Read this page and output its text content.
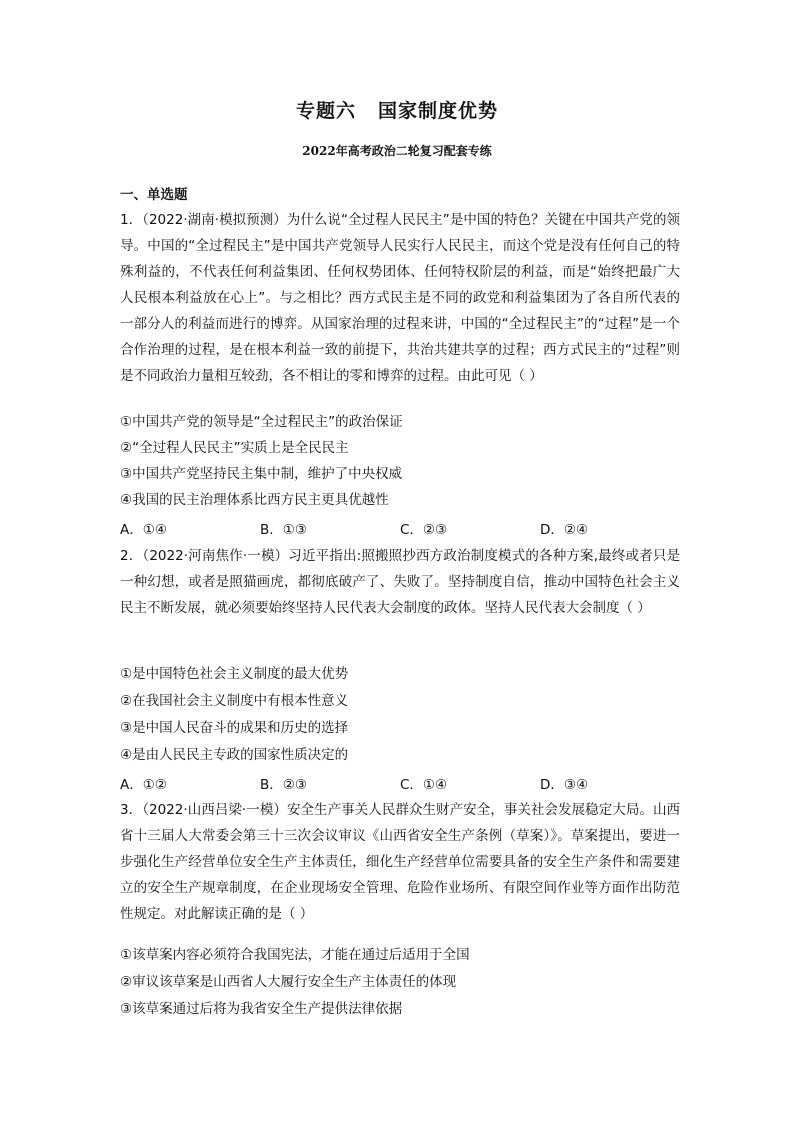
专题六 国家制度优势
2022年高考政治二轮复习配套专练
一、单选题
1．（2022·湖南·模拟预测）为什么说“全过程人民民主”是中国的特色？关键在中国共产党的领导。中国的“全过程民主”是中国共产党领导人民实行人民民主，而这个党是没有任何自己的特殊利益的，不代表任何利益集团、任何权势团体、任何特权阶层的利益，而是“始终把最广大人民根本利益放在心上”。与之相比？西方式民主是不同的政党和利益集团为了各自所代表的一部分人的利益而进行的博弈。从国家治理的过程来讲，中国的“全过程民主”的“过程”是一个合作治理的过程，是在根本利益一致的前提下，共治共建共享的过程；西方式民主的“过程”则是不同政治力量相互较劲，各不相让的零和博弈的过程。由此可见（ ）
①中国共产党的领导是“全过程民主”的政治保证
②“全过程人民民主”实质上是全民民主
③中国共产党坚持民主集中制，维护了中央权威
④我国的民主治理体系比西方民主更具优越性
A．①④	B．①③	C．②③	D．②④
2．（2022·河南焦作·一模）习近平指出:照搬照抄西方政治制度模式的各种方案,最终或者只是一种幻想，或者是照猫画虎，都彻底破产了、失败了。坚持制度自信，推动中国特色社会主义民主不断发展，就必须要始终坚持人民代表大会制度的政体。坚持人民代表大会制度（ ）
①是中国特色社会主义制度的最大优势
②在我国社会主义制度中有根本性意义
③是中国人民奋斗的成果和历史的选择
④是由人民民主专政的国家性质决定的
A．①②	B．②③	C．①④	D．③④
3．（2022·山西吕梁·一模）安全生产事关人民群众生财产安全，事关社会发展稳定大局。山西省十三届人大常委会第三十三次会议审议《山西省安全生产条例（草案）》。草案提出，要进一步强化生产经营单位安全生产主体责任，细化生产经营单位需要具备的安全生产条件和需要建立的安全生产规章制度，在企业现场安全管理、危险作业场所、有限空间作业等方面作出防范性规定。对此解读正确的是（ ）
①该草案内容必须符合我国宪法，才能在通过后适用于全国
②审议该草案是山西省人大履行安全生产主体责任的体现
③该草案通过后将为我省安全生产提供法律依据
